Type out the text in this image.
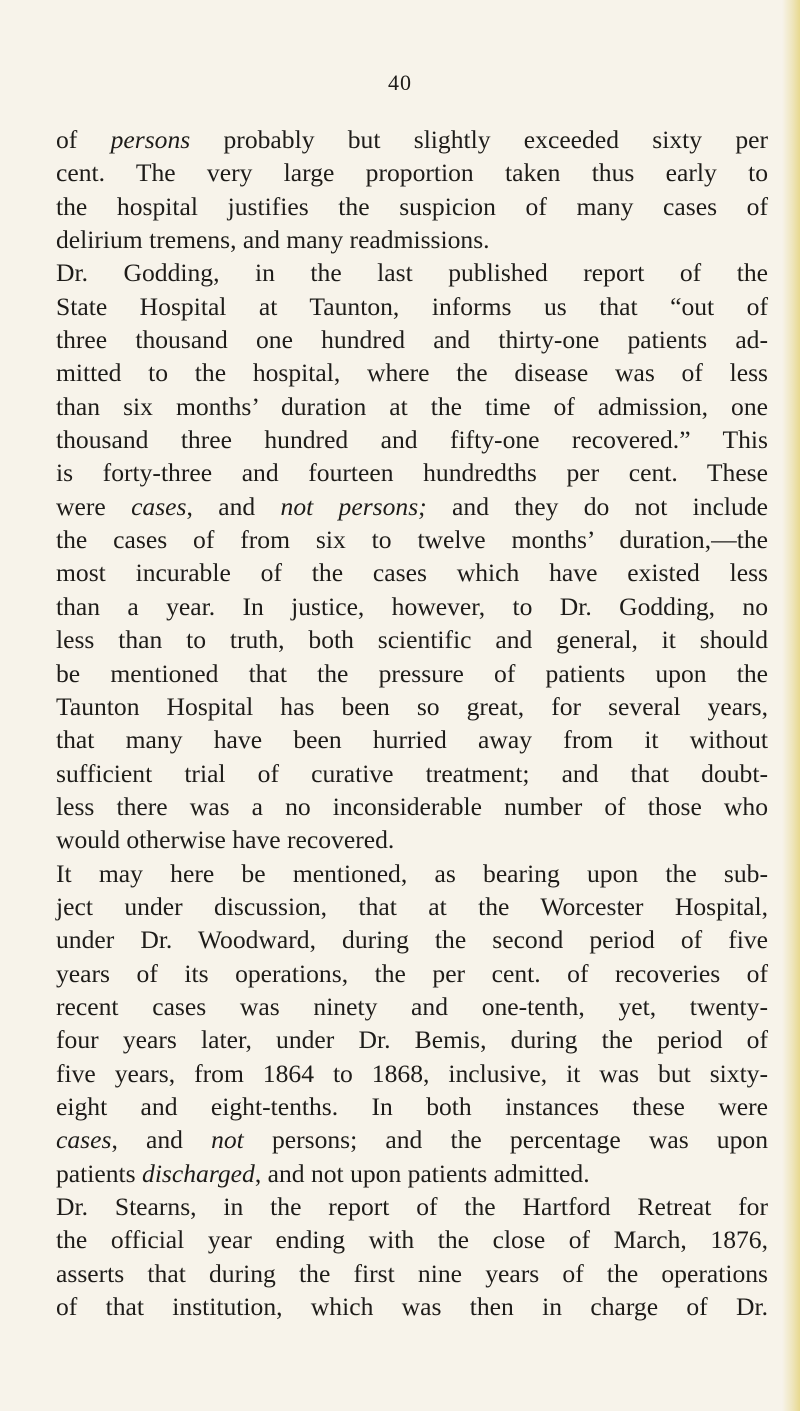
40
of persons probably but slightly exceeded sixty per
cent. The very large proportion taken thus early to
the hospital justifies the suspicion of many cases of
delirium tremens, and many readmissions.
Dr. Godding, in the last published report of the
State Hospital at Taunton, informs us that “out of
three thousand one hundred and thirty-one patients ad-
mitted to the hospital, where the disease was of less
than six months’ duration at the time of admission, one
thousand three hundred and fifty-one recovered.” This
is forty-three and fourteen hundredths per cent. These
were cases, and not persons; and they do not include
the cases of from six to twelve months’ duration,—the
most incurable of the cases which have existed less
than a year. In justice, however, to Dr. Godding, no
less than to truth, both scientific and general, it should
be mentioned that the pressure of patients upon the
Taunton Hospital has been so great, for several years,
that many have been hurried away from it without
sufficient trial of curative treatment; and that doubt-
less there was a no inconsiderable number of those who
would otherwise have recovered.
It may here be mentioned, as bearing upon the sub-
ject under discussion, that at the Worcester Hospital,
under Dr. Woodward, during the second period of five
years of its operations, the per cent. of recoveries of
recent cases was ninety and one-tenth, yet, twenty-
four years later, under Dr. Bemis, during the period of
five years, from 1864 to 1868, inclusive, it was but sixty-
eight and eight-tenths. In both instances these were
cases, and not persons; and the percentage was upon
patients discharged, and not upon patients admitted.
Dr. Stearns, in the report of the Hartford Retreat for
the official year ending with the close of March, 1876,
asserts that during the first nine years of the operations
of that institution, which was then in charge of Dr.
